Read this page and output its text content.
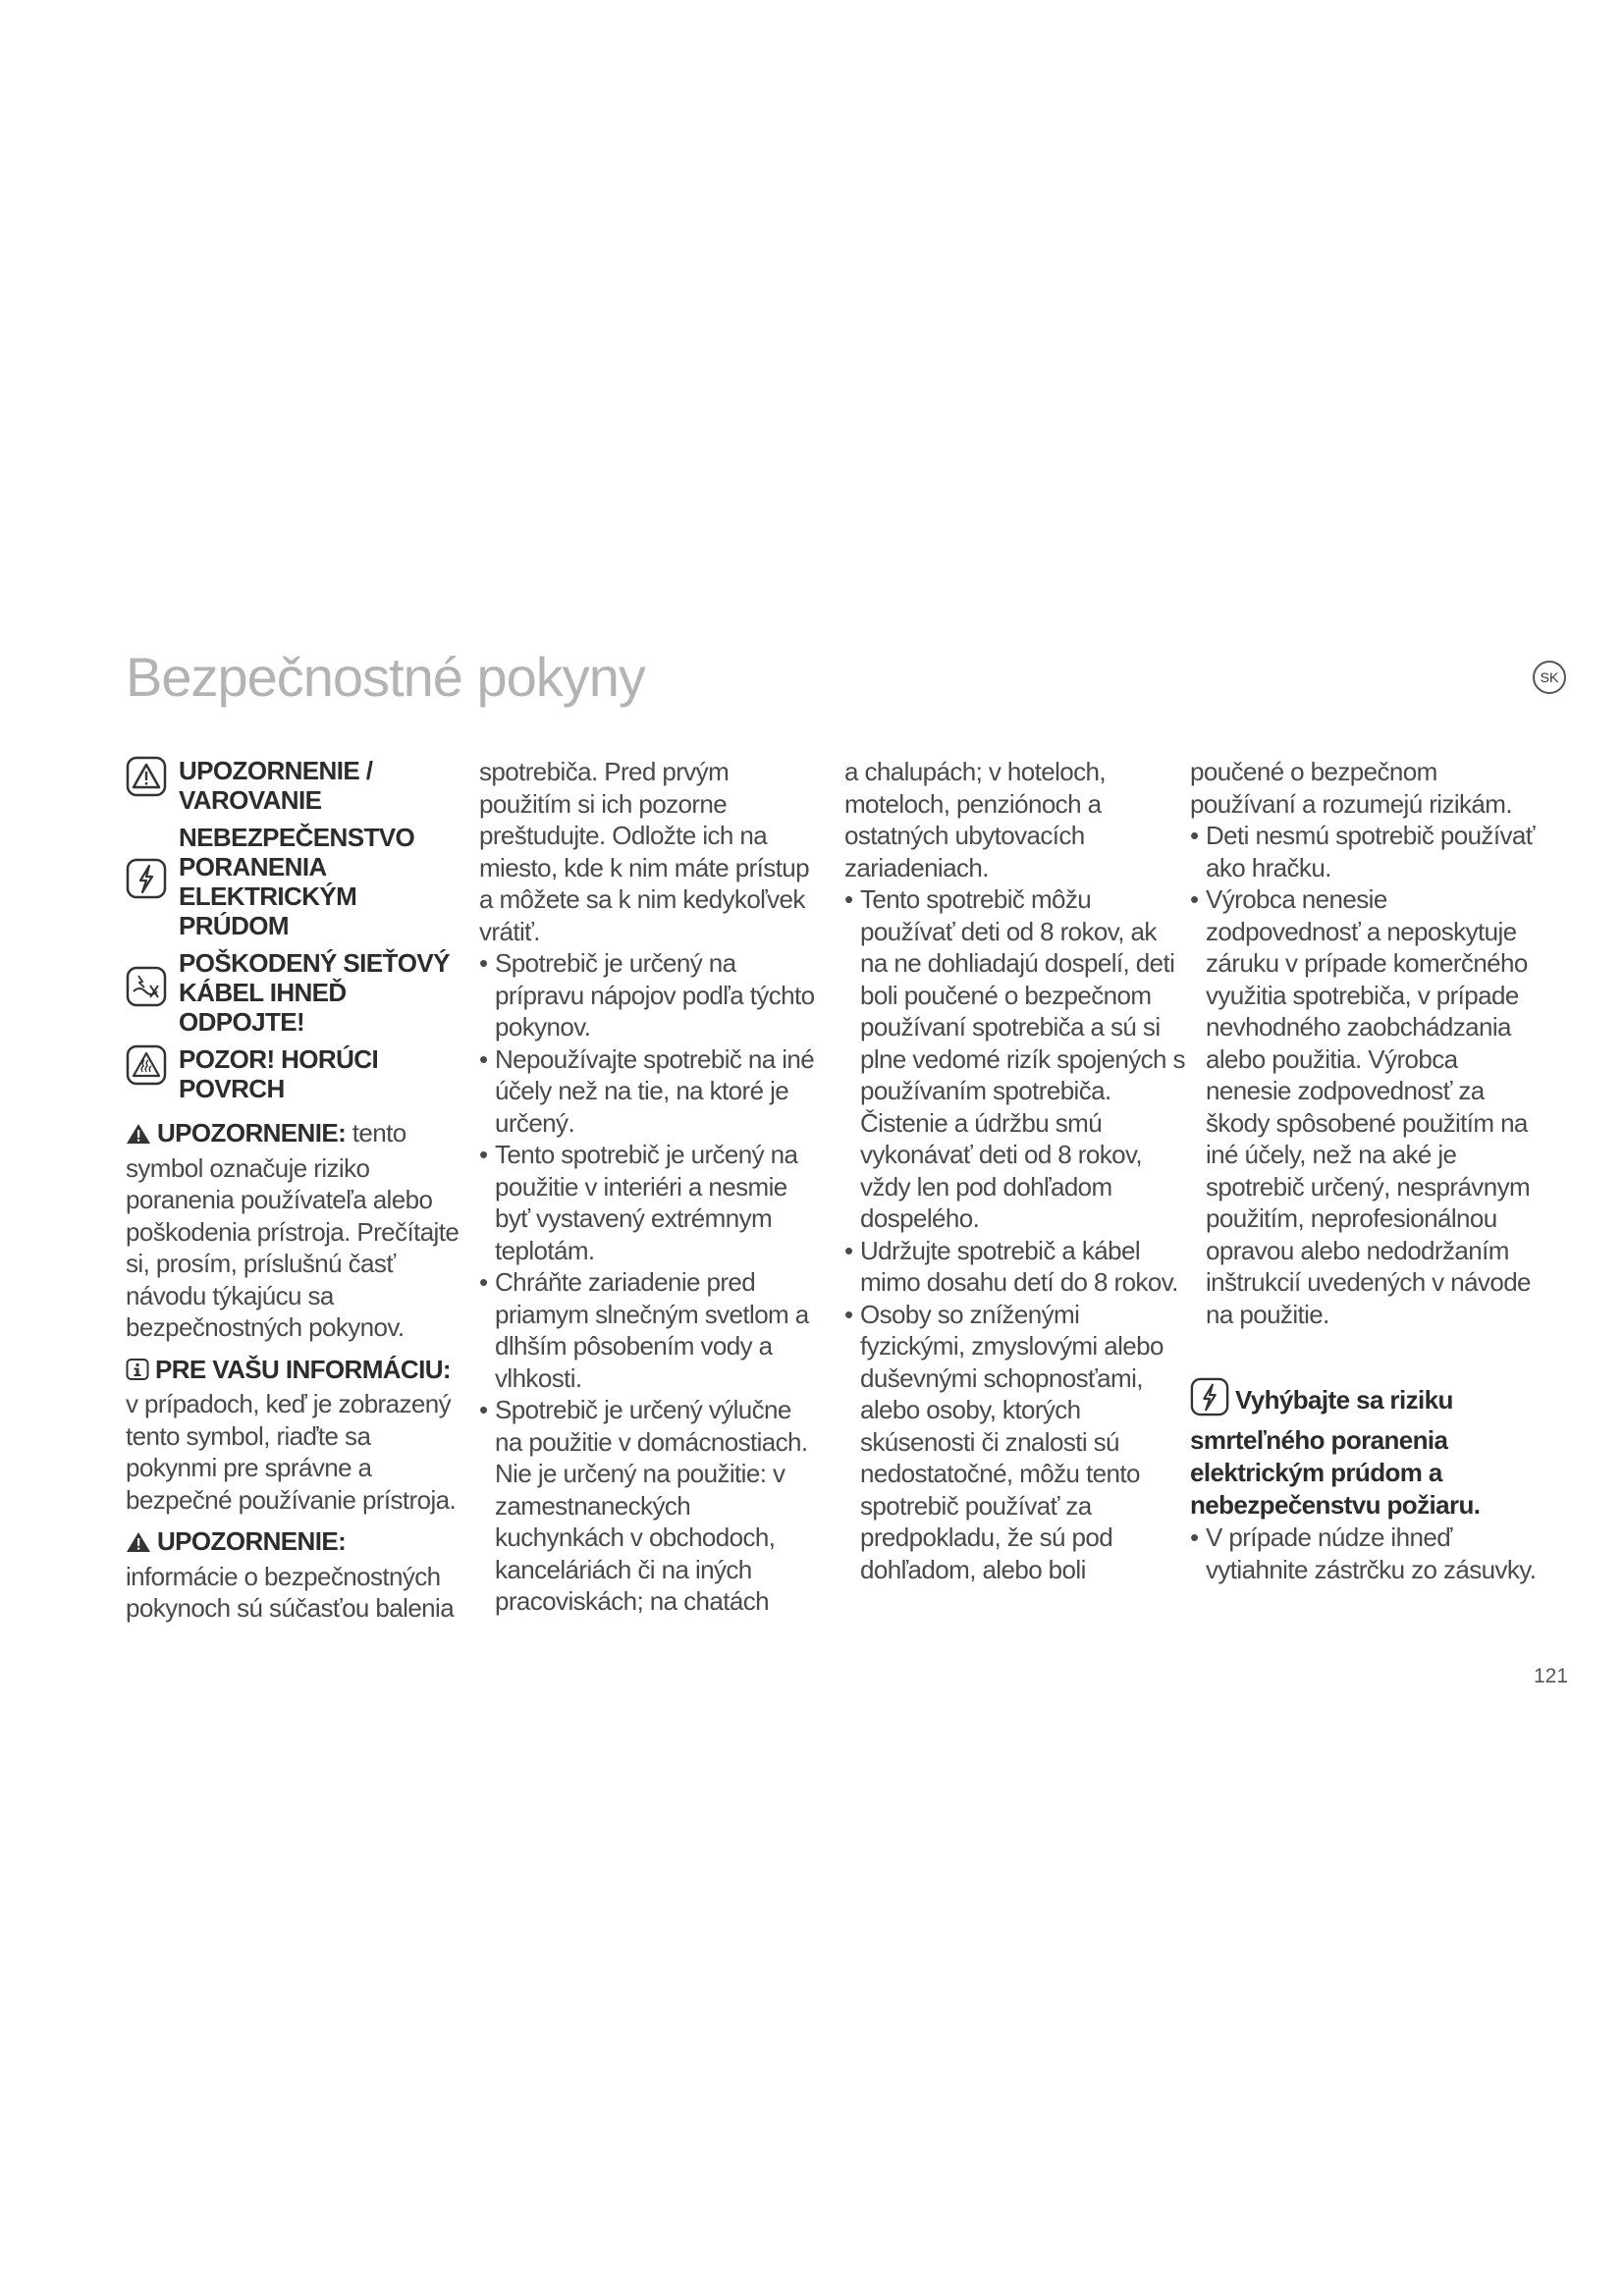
Bezpečnostné pokyny	SK
UPOZORNENIE / VAROVANIE
NEBEZPEČENSTVO PORANENIA ELEKTRICKÝM PRÚDOM
POŠKODENÝ SIEŤOVÝ KÁBEL IHNEĎ ODPOJTE!
POZOR! HORÚCI POVRCH

UPOZORNENIE: tento symbol označuje riziko poranenia používateľa alebo poškodenia prístroja. Prečítajte si, prosím, príslušnú časť návodu týkajúcu sa bezpečnostných pokynov.

PRE VAŠU INFORMÁCIU:
v prípadoch, keď je zobrazený tento symbol, riaďte sa pokynmi pre správne a bezpečné používanie prístroja.

UPOZORNENIE: informácie o bezpečnostných pokynoch sú súčasťou balenia

spotrebiča. Pred prvým použitím si ich pozorne preštudujte. Odložte ich na miesto, kde k nim máte prístup a môžete sa k nim kedykoľvek vrátiť.

• Spotrebič je určený na prípravu nápojov podľa týchto pokynov.
• Nepoužívajte spotrebič na iné účely než na tie, na ktoré je určený.
• Tento spotrebič je určený na použitie v interiéri a nesmie byť vystavený extrémnym teplotám.
• Chráňte zariadenie pred priamym slnečným svetlom a dlhším pôsobením vody a vlhkosti.
• Spotrebič je určený výlučne na použitie v domácnostiach. Nie je určený na použitie: v zamestnaneckých kuchynkách v obchodoch, kanceláriách či na iných pracoviskách; na chatách

a chalupách; v hoteloch, moteloch, penziónoch a ostatných ubytovacích zariadeniach.

• Tento spotrebič môžu používať deti od 8 rokov, ak na ne dohliadajú dospelí, deti boli poučené o bezpečnom používaní spotrebiča a sú si plne vedomé rizík spojených s používaním spotrebiča. Čistenie a údržbu smú vykonávať deti od 8 rokov, vždy len pod dohľadom dospelého.
• Udržujte spotrebič a kábel mimo dosahu detí do 8 rokov.
• Osoby so zníženými fyzickými, zmyslovými alebo duševnými schopnosťami, alebo osoby, ktorých skúsenosti či znalosti sú nedostatočné, môžu tento spotrebič používať za predpokladu, že sú pod dohľadom, alebo boli

poučené o bezpečnom používaní a rozumejú rizikám.

• Deti nesmú spotrebič používať ako hračku.
• Výrobca nenesie zodpovednosť a neposkytuje záruku v prípade komerčného využitia spotrebiča, v prípade nevhodného zaobchádzania alebo použitia. Výrobca nenesie zodpovednosť za škody spôsobené použitím na iné účely, než na aké je spotrebič určený, nesprávnym použitím, neprofesionálnou opravou alebo nedodržaním inštrukcií uvedených v návode na použitie.

Vyhýbajte sa riziku smrteľného poranenia elektrickým prúdom a nebezpečenstvu požiaru.

• V prípade núdze ihneď vytiahnite zástrčku zo zásuvky.
121
